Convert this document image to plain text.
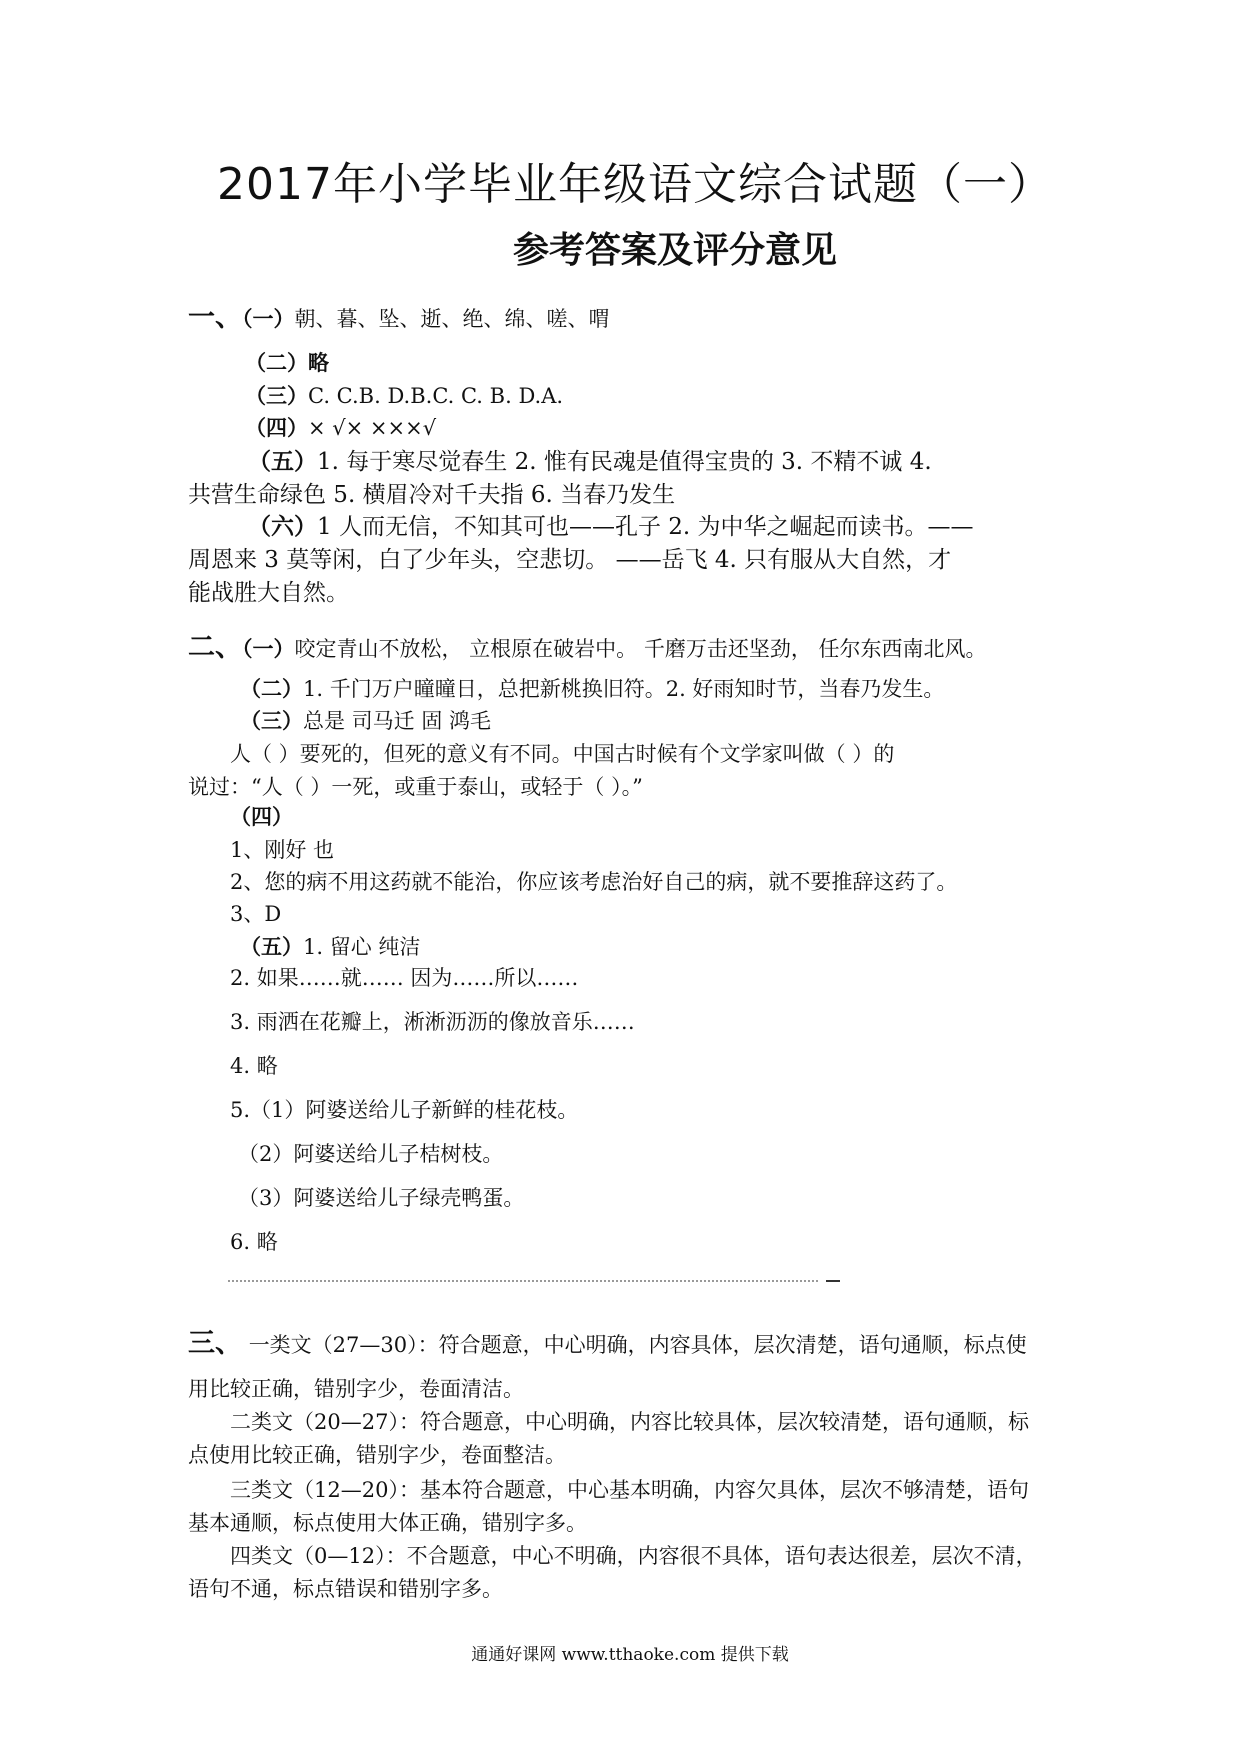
2017年小学毕业年级语文综合试题（一）
参考答案及评分意见
一、（一）朝、暮、坠、逝、绝、绵、嗟、喟
（二）略
（三）C. C.B. D.B.C. C. B. D.A.
（四）× √× ×××√
（五）1. 每于寒尽觉春生 2. 惟有民魂是值得宝贵的 3. 不精不诚 4.
共营生命绿色 5. 横眉冷对千夫指 6. 当春乃发生
（六）1 人而无信，不知其可也——孔子 2. 为中华之崛起而读书。——
周恩来 3 莫等闲，白了少年头，空悲切。 ——岳飞 4. 只有服从大自然，才
能战胜大自然。
二、（一）咬定青山不放松， 立根原在破岩中。 千磨万击还坚劲， 任尔东西南北风。
（二）1. 千门万户曈曈日，总把新桃换旧符。2. 好雨知时节，当春乃发生。
（三）总是 司马迁 固 鸿毛
人（ ）要死的，但死的意义有不同。中国古时候有个文学家叫做（ ）的
说过：“人（ ）一死，或重于泰山，或轻于（ ）。”
（四）
1、刚好 也
2、您的病不用这药就不能治，你应该考虑治好自己的病，就不要推辞这药了。
3、D
（五）1. 留心 纯洁
2. 如果……就…… 因为……所以……
3. 雨洒在花瓣上，淅淅沥沥的像放音乐……
4. 略
5.（1）阿婆送给儿子新鲜的桂花枝。
（2）阿婆送给儿子桔树枝。
（3）阿婆送给儿子绿壳鸭蛋。
6. 略
三、 一类文（27—30）：符合题意，中心明确，内容具体，层次清楚，语句通顺，标点使
用比较正确，错别字少，卷面清洁。
二类文（20—27）：符合题意，中心明确，内容比较具体，层次较清楚，语句通顺，标
点使用比较正确，错别字少，卷面整洁。
三类文（12—20）：基本符合题意，中心基本明确，内容欠具体，层次不够清楚，语句
基本通顺，标点使用大体正确，错别字多。
四类文（0—12）：不合题意，中心不明确，内容很不具体，语句表达很差，层次不清，
语句不通，标点错误和错别字多。
通通好课网 www.tthaoke.com 提供下载
